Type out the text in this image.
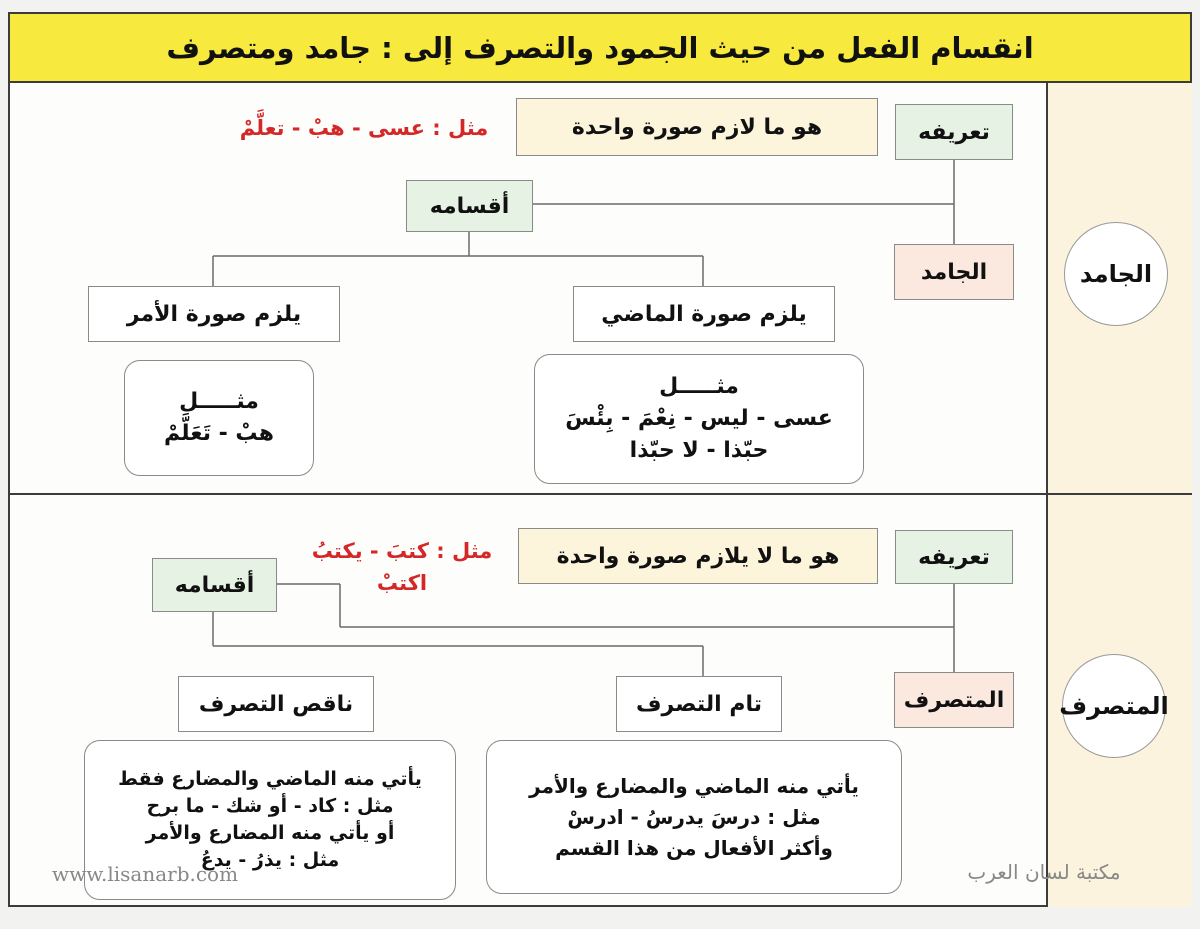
انقسام الفعل من حيث الجمود والتصرف إلى : جامد ومتصرف
الجامد
تعريفه
هو ما لازم صورة واحدة
مثل : عسى - هبْ - تعلَّمْ
أقسامه
الجامد
يلزم صورة الأمر	يلزم صورة الماضي
مثـــــل
هبْ - تَعَلَّمْ
مثـــــل
عسى - ليس - نِعْمَ - بِئْسَ
حبّذا - لا حبّذا
المتصرف
تعريفه
هو ما لا يلازم صورة واحدة
مثل : كتبَ - يكتبُ
اكتبْ
أقسامه
المتصرف
ناقص التصرف	تام التصرف
يأتي منه الماضي والمضارع فقط
مثل : كاد - أو شك - ما برح
أو يأتي منه المضارع والأمر
مثل : يذرُ - يدعُ
يأتي منه الماضي والمضارع والأمر
مثل : درسَ يدرسُ - ادرسْ
وأكثر الأفعال من هذا القسم
www.lisanarb.com	مكتبة لسان العرب
